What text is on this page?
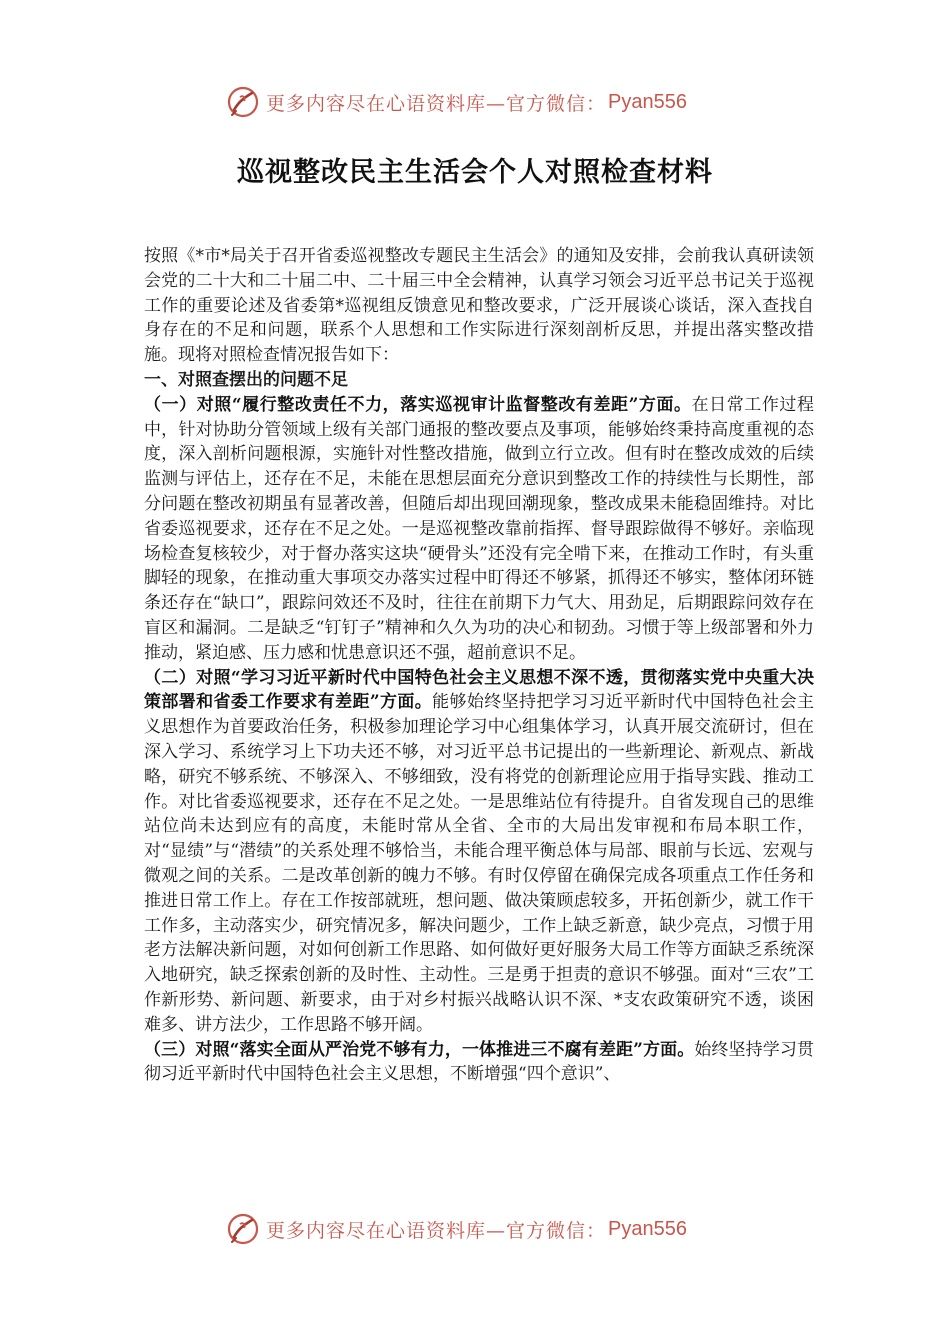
更多内容尽在心语资料库—官方微信： Pyan556
巡视整改民主生活会个人对照检查材料

按照《*市*局关于召开省委巡视整改专题民主生活会》的通知及安排，会前我认真研读领会党的二十大和二十届二中、二十届三中全会精神，认真学习领会习近平总书记关于巡视工作的重要论述及省委第*巡视组反馈意见和整改要求，广泛开展谈心谈话，深入查找自身存在的不足和问题，联系个人思想和工作实际进行深刻剖析反思，并提出落实整改措施。现将对照检查情况报告如下：

一、对照查摆出的问题不足

（一）对照“履行整改责任不力，落实巡视审计监督整改有差距”方面。在日常工作过程中，针对协助分管领域上级有关部门通报的整改要点及事项，能够始终秉持高度重视的态度，深入剖析问题根源，实施针对性整改措施，做到立行立改。但有时在整改成效的后续监测与评估上，还存在不足，未能在思想层面充分意识到整改工作的持续性与长期性，部分问题在整改初期虽有显著改善，但随后却出现回潮现象，整改成果未能稳固维持。对比省委巡视要求，还存在不足之处。一是巡视整改靠前指挥、督导跟踪做得不够好。亲临现场检查复核较少，对于督办落实这块“硬骨头”还没有完全啃下来，在推动工作时，有头重脚轻的现象，在推动重大事项交办落实过程中盯得还不够紧，抓得还不够实，整体闭环链条还存在“缺口”，跟踪问效还不及时，往往在前期下力气大、用劲足，后期跟踪问效存在盲区和漏洞。二是缺乏“钉钉子”精神和久久为功的决心和韧劲。习惯于等上级部署和外力推动，紧迫感、压力感和忧患意识还不强，超前意识不足。

（二）对照“学习习近平新时代中国特色社会主义思想不深不透，贯彻落实党中央重大决策部署和省委工作要求有差距”方面。能够始终坚持把学习习近平新时代中国特色社会主义思想作为首要政治任务，积极参加理论学习中心组集体学习，认真开展交流研讨，但在深入学习、系统学习上下功夫还不够，对习近平总书记提出的一些新理论、新观点、新战略，研究不够系统、不够深入、不够细致，没有将党的创新理论应用于指导实践、推动工作。对比省委巡视要求，还存在不足之处。一是思维站位有待提升。自省发现自己的思维站位尚未达到应有的高度，未能时常从全省、全市的大局出发审视和布局本职工作，对“显绩”与“潜绩”的关系处理不够恰当，未能合理平衡总体与局部、眼前与长远、宏观与微观之间的关系。二是改革创新的魄力不够。有时仅停留在确保完成各项重点工作任务和推进日常工作上。存在工作按部就班，想问题、做决策顾虑较多，开拓创新少，就工作干工作多，主动落实少，研究情况多，解决问题少，工作上缺乏新意，缺少亮点，习惯于用老方法解决新问题，对如何创新工作思路、如何做好更好服务大局工作等方面缺乏系统深入地研究，缺乏探索创新的及时性、主动性。三是勇于担责的意识不够强。面对“三农”工作新形势、新问题、新要求，由于对乡村振兴战略认识不深、*支农政策研究不透，谈困难多、讲方法少，工作思路不够开阔。

（三）对照“落实全面从严治党不够有力，一体推进三不腐有差距”方面。始终坚持学习贯彻习近平新时代中国特色社会主义思想，不断增强“四个意识”、

更多内容尽在心语资料库—官方微信： Pyan556
